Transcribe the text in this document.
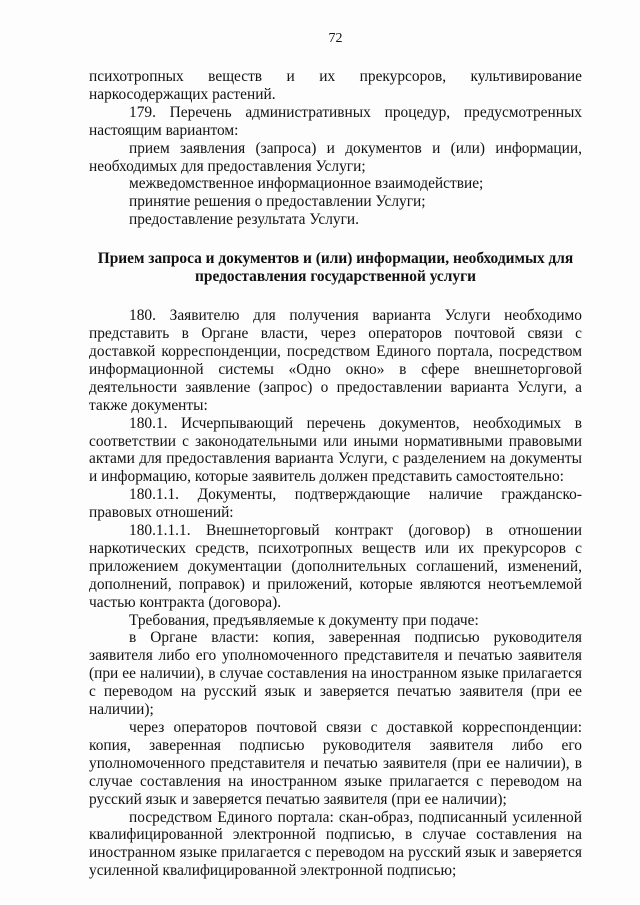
72

психотропных веществ и их прекурсоров, культивирование наркосодержащих растений.

179. Перечень административных процедур, предусмотренных настоящим вариантом:

прием заявления (запроса) и документов и (или) информации, необходимых для предоставления Услуги;

межведомственное информационное взаимодействие;

принятие решения о предоставлении Услуги;

предоставление результата Услуги.

Прием запроса и документов и (или) информации, необходимых для предоставления государственной услуги

180. Заявителю для получения варианта Услуги необходимо представить в Органе власти, через операторов почтовой связи с доставкой корреспонденции, посредством Единого портала, посредством информационной системы «Одно окно» в сфере внешнеторговой деятельности заявление (запрос) о предоставлении варианта Услуги, а также документы:

180.1. Исчерпывающий перечень документов, необходимых в соответствии с законодательными или иными нормативными правовыми актами для предоставления варианта Услуги, с разделением на документы и информацию, которые заявитель должен представить самостоятельно:

180.1.1. Документы, подтверждающие наличие гражданско-правовых отношений:

180.1.1.1. Внешнеторговый контракт (договор) в отношении наркотических средств, психотропных веществ или их прекурсоров с приложением документации (дополнительных соглашений, изменений, дополнений, поправок) и приложений, которые являются неотъемлемой частью контракта (договора).

Требования, предъявляемые к документу при подаче:

в Органе власти: копия, заверенная подписью руководителя заявителя либо его уполномоченного представителя и печатью заявителя (при ее наличии), в случае составления на иностранном языке прилагается с переводом на русский язык и заверяется печатью заявителя (при ее наличии);

через операторов почтовой связи с доставкой корреспонденции: копия, заверенная подписью руководителя заявителя либо его уполномоченного представителя и печатью заявителя (при ее наличии), в случае составления на иностранном языке прилагается с переводом на русский язык и заверяется печатью заявителя (при ее наличии);

посредством Единого портала: скан-образ, подписанный усиленной квалифицированной электронной подписью, в случае составления на иностранном языке прилагается с переводом на русский язык и заверяется усиленной квалифицированной электронной подписью;
